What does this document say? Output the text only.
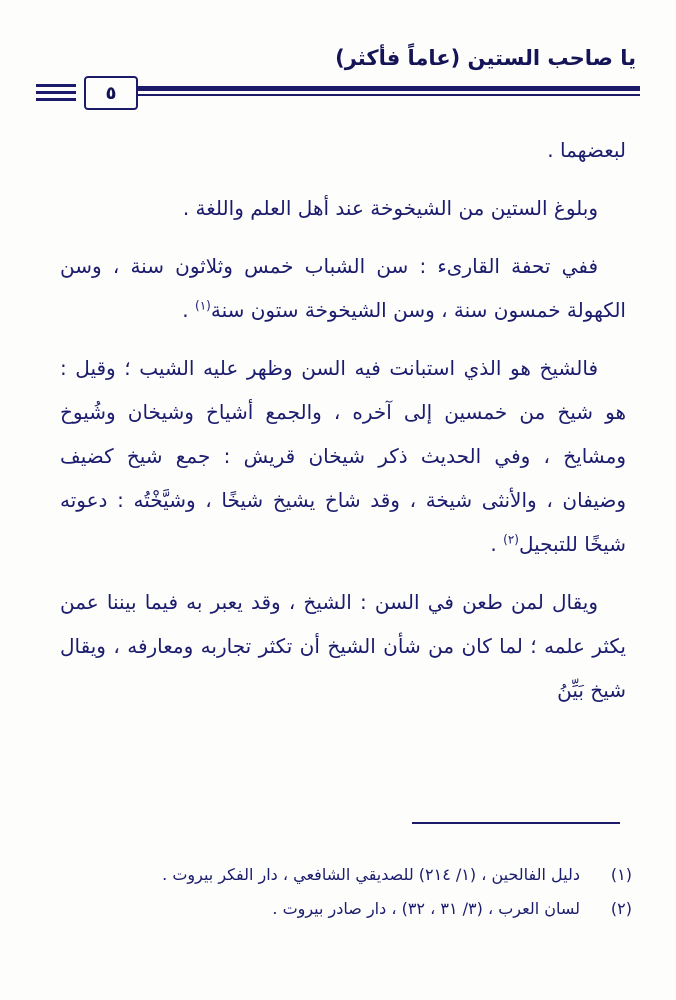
يا صاحب الستين (عاماً فأكثر)
٥

لبعضهما .

وبلوغ الستين من الشيخوخة عند أهل العلم واللغة .

ففي تحفة القارىء : سن الشباب خمس وثلاثون سنة ، وسن الكهولة خمسون سنة ، وسن الشيخوخة ستون سنة$^{(١)}$ .

فالشيخ هو الذي استبانت فيه السن وظهر عليه الشيب ؛ وقيل : هو شيخ من خمسين إلى آخره ، والجمع أشياخ وشيخان وشُيوخ ومشايخ ، وفي الحديث ذكر شيخان قريش : جمع شيخ كضيف وضيفان ، والأنثى شيخة ، وقد شاخ يشيخ شيخًا ، وشيَّخْتُه : دعوته شيخًا للتبجيل$^{(٢)}$ .

ويقال لمن طعن في السن : الشيخ ، وقد يعبر به فيما بيننا عمن يكثر علمه ؛ لما كان من شأن الشيخ أن تكثر تجاربه ومعارفه ، ويقال شيخ بَيِّنُ

(١)
دليل الفالحين ، (١/ ٢١٤) للصديقي الشافعي ، دار الفكر بيروت .
(٢)
لسان العرب ، (٣/ ٣١ ، ٣٢) ، دار صادر بيروت .
